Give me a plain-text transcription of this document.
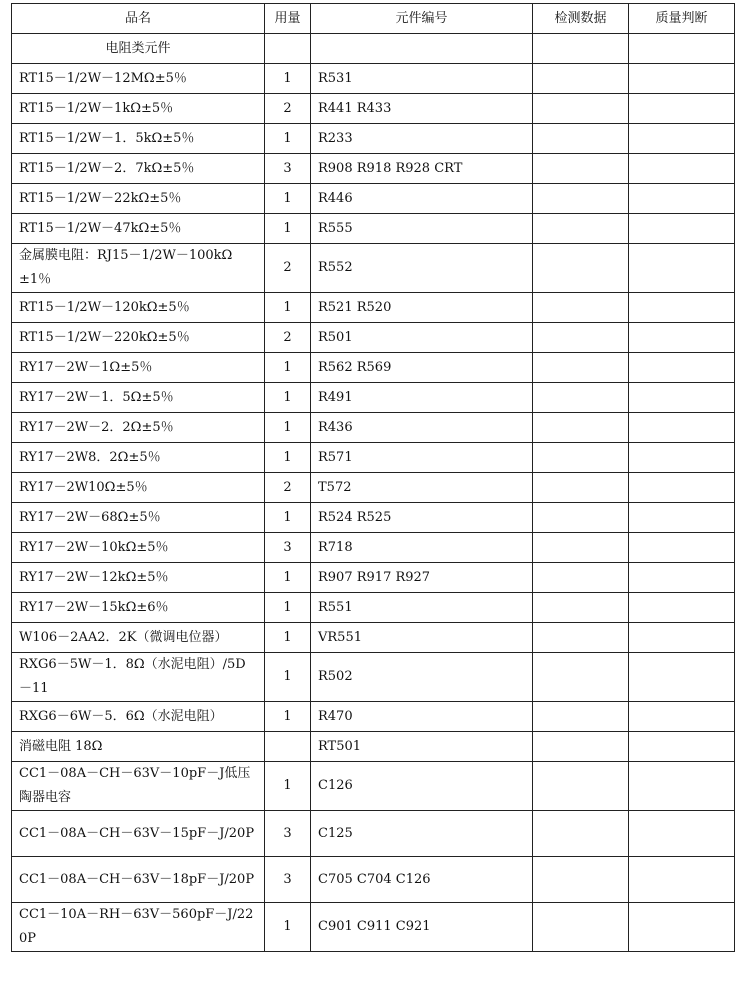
品名	用量	元件编号	检测数据	质量判断
电阻类元件				
RT15－1/2W－12MΩ±5％	1	R531		
RT15－1/2W－1kΩ±5％	2	R441 R433		
RT15－1/2W－1．5kΩ±5％	1	R233		
RT15－1/2W－2．7kΩ±5％	3	R908 R918 R928 CRT		
RT15－1/2W－22kΩ±5％	1	R446		
RT15－1/2W－47kΩ±5％	1	R555		
金属膜电阻：RJ15－1/2W－100kΩ±1％	2	R552		
RT15－1/2W－120kΩ±5％	1	R521 R520		
RT15－1/2W－220kΩ±5％	2	R501		
RY17－2W－1Ω±5％	1	R562 R569		
RY17－2W－1．5Ω±5％	1	R491		
RY17－2W－2．2Ω±5％	1	R436		
RY17－2W8．2Ω±5％	1	R571		
RY17－2W10Ω±5％	2	T572		
RY17－2W－68Ω±5％	1	R524 R525		
RY17－2W－10kΩ±5％	3	R718		
RY17－2W－12kΩ±5％	1	R907 R917 R927		
RY17－2W－15kΩ±6％	1	R551		
W106－2AA2．2K（微调电位器）	1	VR551		
RXG6－5W－1．8Ω（水泥电阻）/5D－11	1	R502		
RXG6－6W－5．6Ω（水泥电阻）	1	R470		
消磁电阻 18Ω		RT501		
CC1－08A－CH－63V－10pF－J低压陶器电容	1	C126		
CC1－08A－CH－63V－15pF－J/20P	3	C125		
CC1－08A－CH－63V－18pF－J/20P	3	C705 C704 C126		
CC1－10A－RH－63V－560pF－J/220P	1	C901 C911 C921		
